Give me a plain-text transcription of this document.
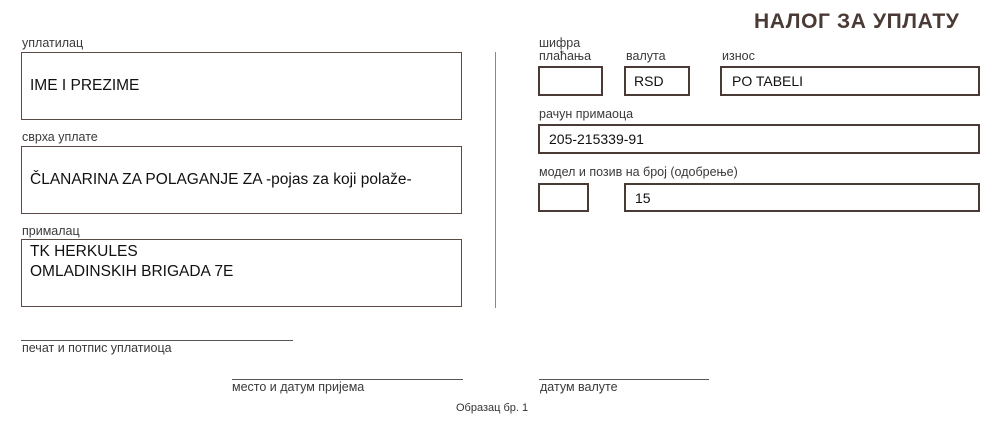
НАЛОГ ЗА УПЛАТУ
уплатилац
IME I PREZIME
сврха уплате
ČLANARINA ZA POLAGANJE ZA -pojas za koji polaže-
прималац
TK HERKULES
OMLADINSKIH BRIGADA 7E
печат и потпис уплатиоца
шифра
плаћања	валута
RSD
износ
PO TABELI
рачун примаоца
205-215339-91
модел и позив на број (одобрење)
15
место и датум пријема	датум валуте
Образац бр. 1
